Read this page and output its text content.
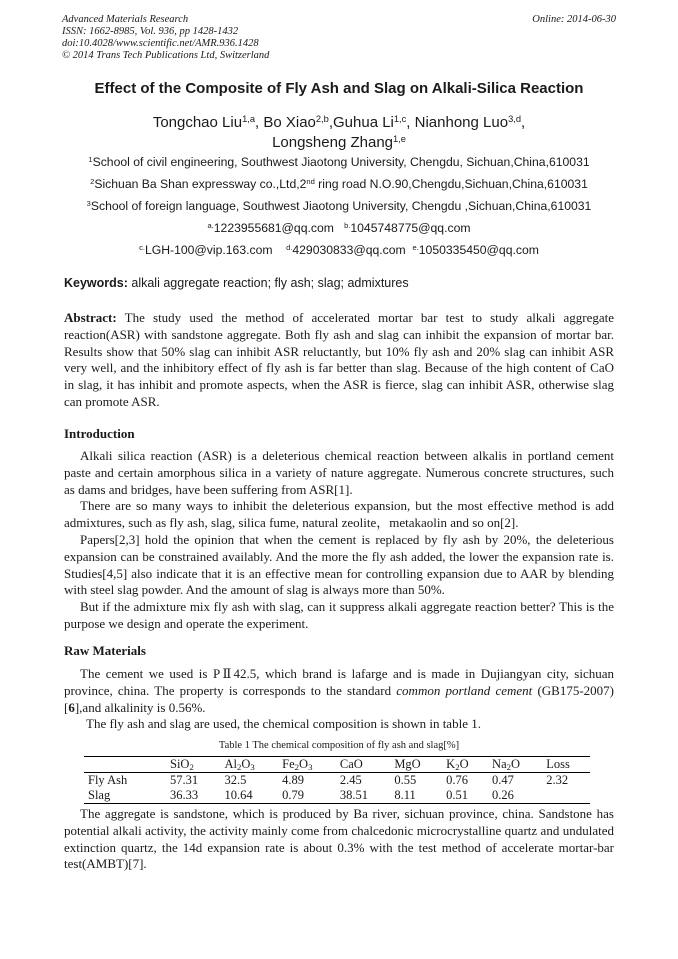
Advanced Materials Research
ISSN: 1662-8985, Vol. 936, pp 1428-1432
doi:10.4028/www.scientific.net/AMR.936.1428
© 2014 Trans Tech Publications Ltd, Switzerland
Online: 2014-06-30
Effect of the Composite of Fly Ash and Slag on Alkali-Silica Reaction
Tongchao Liu$^{1,a}$, Bo Xiao$^{2,b}$,Guhua Li$^{1,c}$, Nianhong Luo$^{3,d}$,
Longsheng Zhang$^{1,e}$
$^1$School of civil engineering, Southwest Jiaotong University, Chengdu, Sichuan,China,610031
$^2$Sichuan Ba Shan expressway co.,Ltd,2nd ring road N.O.90,Chengdu,Sichuan,China,610031
$^3$School of foreign language, Southwest Jiaotong University, Chengdu ,Sichuan,China,610031
$^{a.}$1223955681@qq.com $^{b.}$1045748775@qq.com
$^{c.}$LGH-100@vip.163.com $^{d.}$429030833@qq.com $^{e.}$1050335450@qq.com
Keywords: alkali aggregate reaction; fly ash; slag; admixtures

Abstract: The study used the method of accelerated mortar bar test to study alkali aggregate reaction(ASR) with sandstone aggregate. Both fly ash and slag can inhibit the expansion of mortar bar. Results show that 50% slag can inhibit ASR reluctantly, but 10% fly ash and 20% slag can inhibit ASR very well, and the inhibitory effect of fly ash is far better than slag. Because of the high content of CaO in slag, it has inhibit and promote aspects, when the ASR is fierce, slag can inhibit ASR, otherwise slag can promote ASR.

Introduction

Alkali silica reaction (ASR) is a deleterious chemical reaction between alkalis in portland cement paste and certain amorphous silica in a variety of nature aggregate. Numerous concrete structures, such as dams and bridges, have been suffering from ASR[1].

There are so many ways to inhibit the deleterious expansion, but the most effective method is add admixtures, such as fly ash, slag, silica fume, natural zeolite，metakaolin and so on[2].

Papers[2,3] hold the opinion that when the cement is replaced by fly ash by 20%, the deleterious expansion can be constrained availably. And the more the fly ash added, the lower the expansion rate is. Studies[4,5] also indicate that it is an effective mean for controlling expansion due to AAR by blending with steel slag powder. And the amount of slag is always more than 50%.

But if the admixture mix fly ash with slag, can it suppress alkali aggregate reaction better? This is the purpose we design and operate the experiment.

Raw Materials

The cement we used is PⅡ42.5, which brand is lafarge and is made in Dujiangyan city, sichuan province, china. The property is corresponds to the standard common portland cement (GB175-2007)[6],and alkalinity is 0.56%.

The fly ash and slag are used, the chemical composition is shown in table 1.

Table 1 The chemical composition of fly ash and slag[%]
	SiO$_2$	$Al_2O_3$	$Fe_2O_3$	CaO	MgO	$K_2O$	$Na_2O$	Loss
Fly Ash	57.31	32.5	4.89	2.45	0.55	0.76	0.47	2.32
Slag	36.33	10.64	0.79	38.51	8.11	0.51	0.26	

The aggregate is sandstone, which is produced by Ba river, sichuan province, china. Sandstone has potential alkali activity, the activity mainly come from chalcedonic microcrystalline quartz and undulated extinction quartz, the 14d expansion rate is about 0.3% with the test method of accelerate mortar-bar test(AMBT)[7].
